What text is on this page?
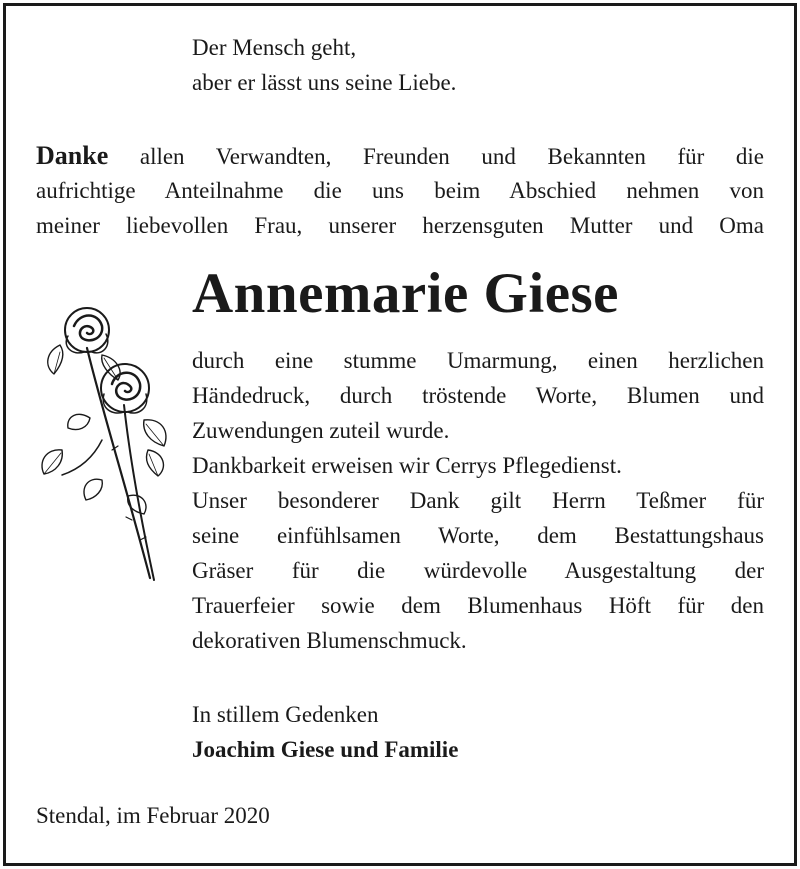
Der Mensch geht,
aber er lässt uns seine Liebe.
Danke allen Verwandten, Freunden und Bekannten für die
aufrichtige Anteilnahme die uns beim Abschied nehmen von
meiner liebevollen Frau, unserer herzensguten Mutter und Oma
Annemarie Giese
durch eine stumme Umarmung, einen herzlichen
Händedruck, durch tröstende Worte, Blumen und
Zuwendungen zuteil wurde.
Dankbarkeit erweisen wir Cerrys Pflegedienst.
Unser besonderer Dank gilt Herrn Teßmer für
seine einfühlsamen Worte, dem Bestattungshaus
Gräser für die würdevolle Ausgestaltung der
Trauerfeier sowie dem Blumenhaus Höft für den
dekorativen Blumenschmuck.
In stillem Gedenken
Joachim Giese und Familie
Stendal, im Februar 2020
